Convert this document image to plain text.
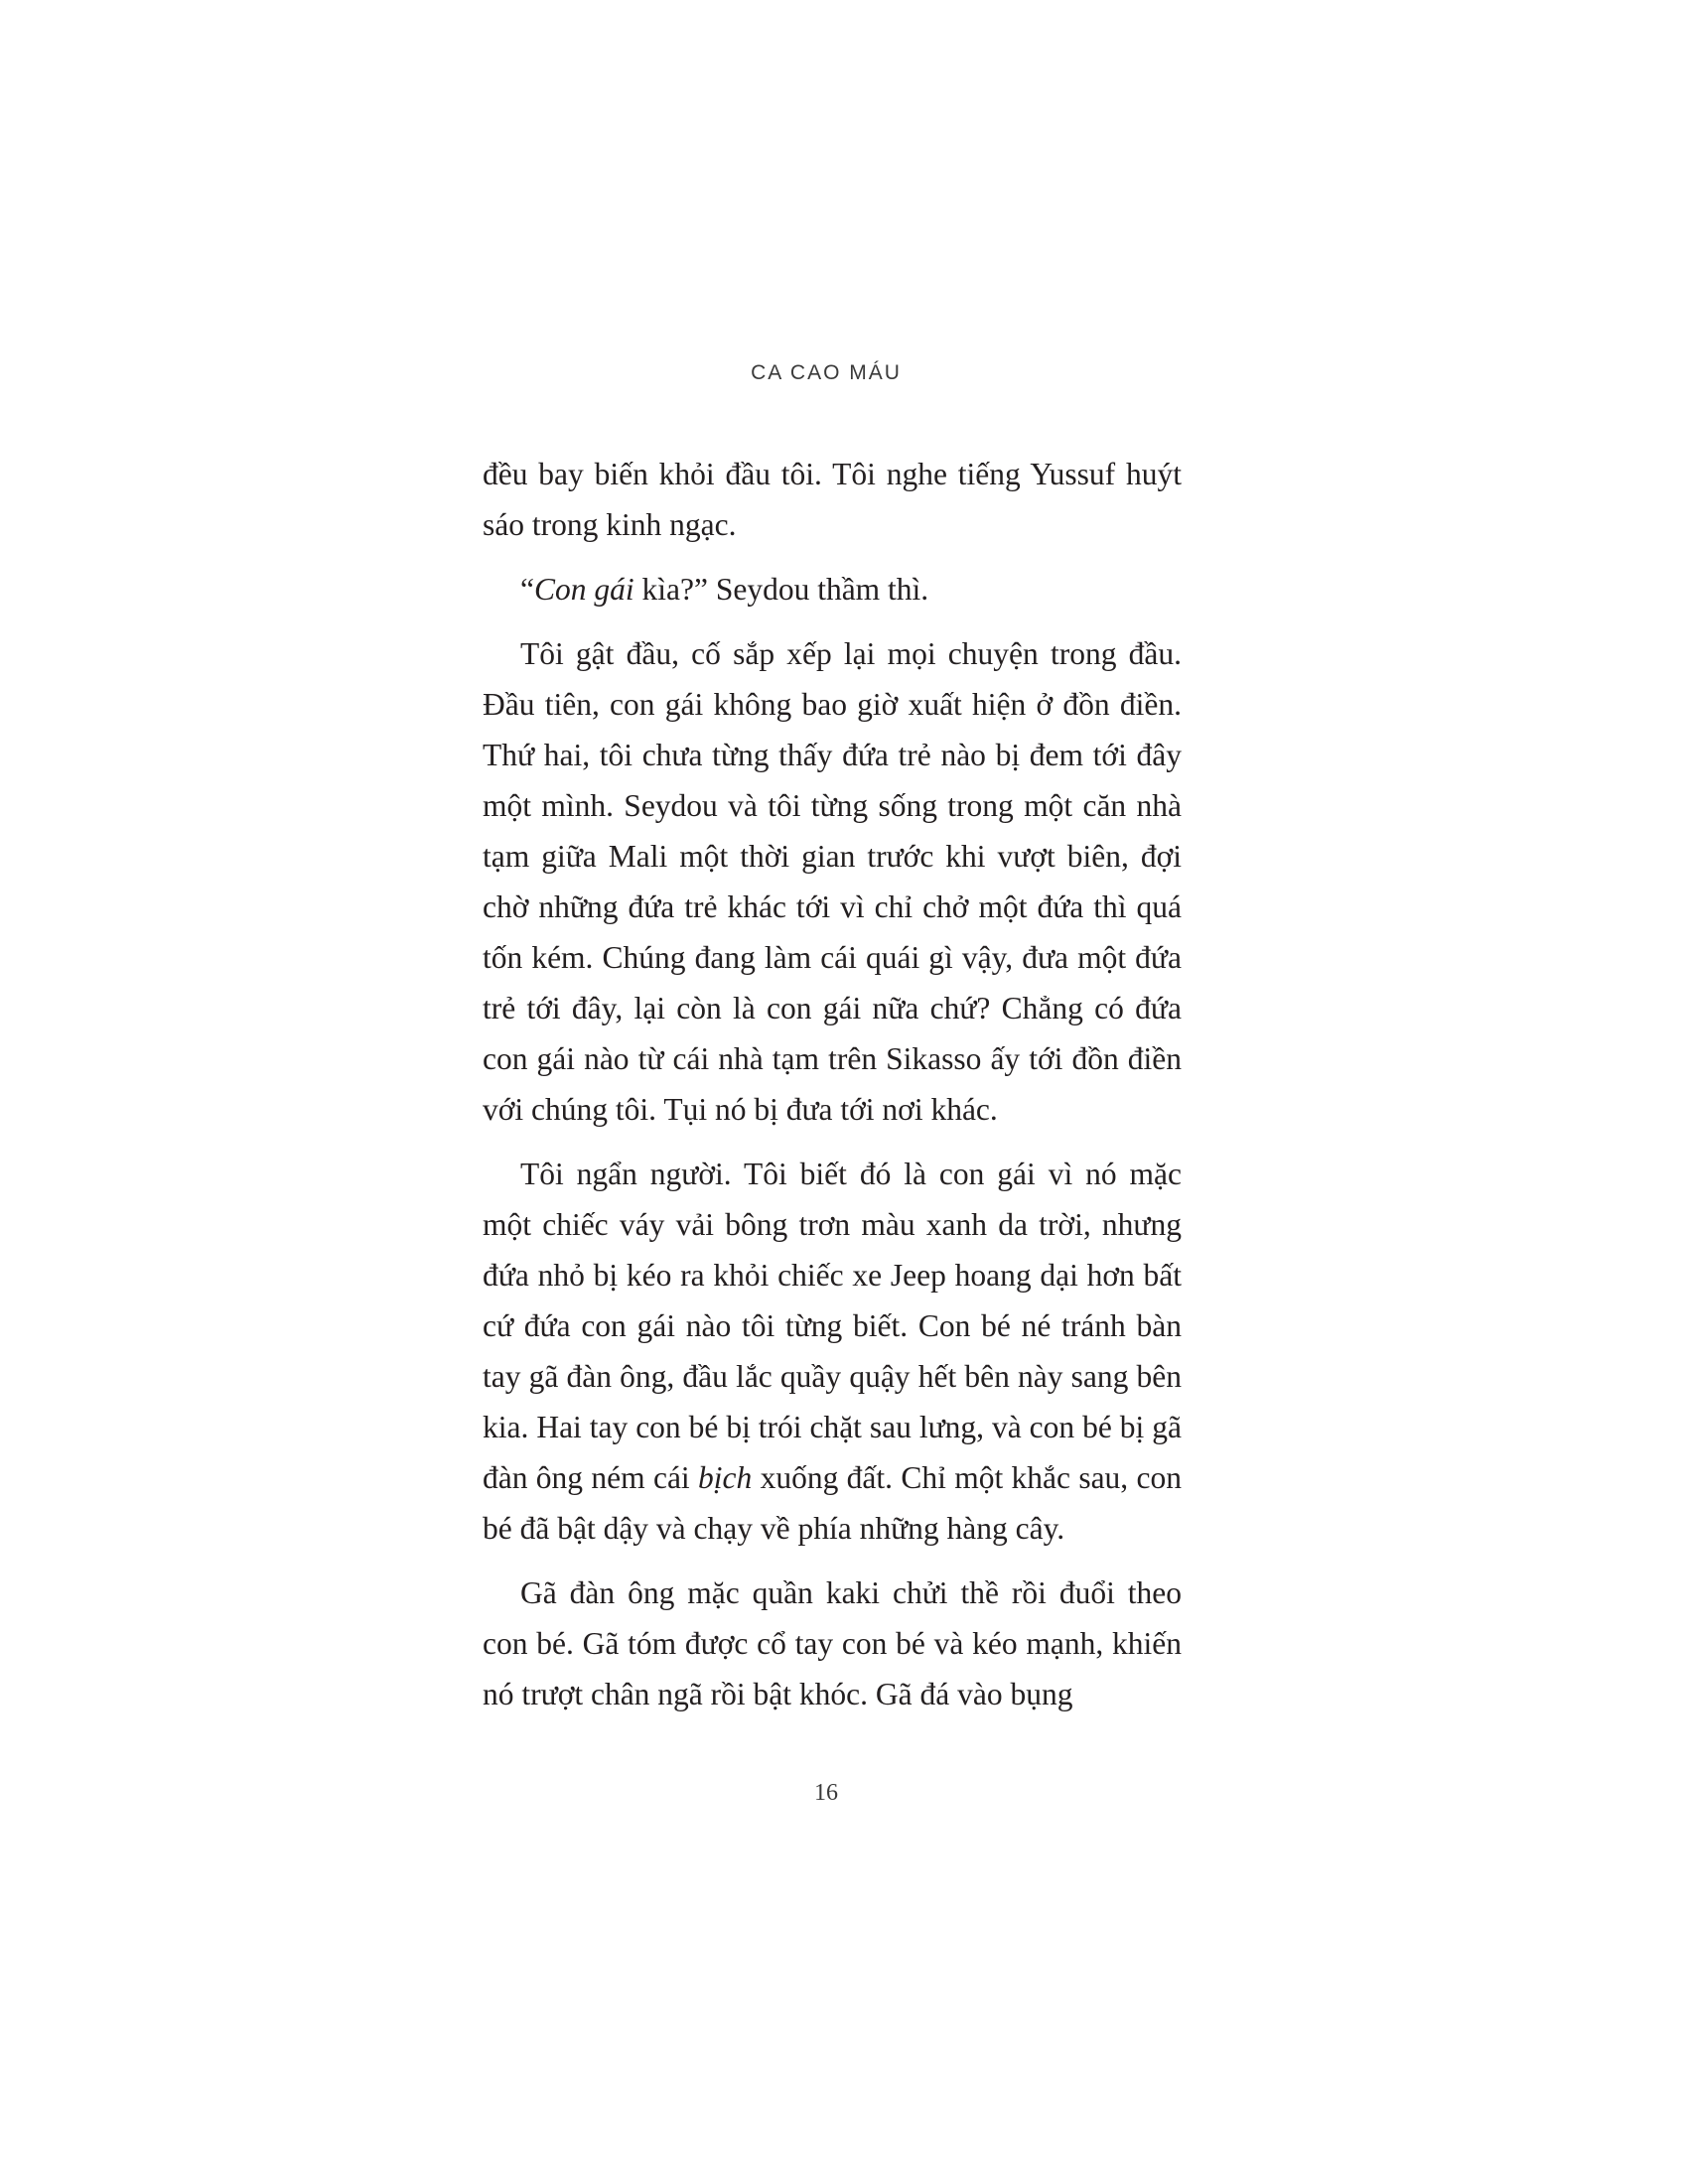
CA CAO MÁU

đều bay biến khỏi đầu tôi. Tôi nghe tiếng Yussuf huýt sáo trong kinh ngạc.

“Con gái kìa?” Seydou thầm thì.

Tôi gật đầu, cố sắp xếp lại mọi chuyện trong đầu. Đầu tiên, con gái không bao giờ xuất hiện ở đồn điền. Thứ hai, tôi chưa từng thấy đứa trẻ nào bị đem tới đây một mình. Seydou và tôi từng sống trong một căn nhà tạm giữa Mali một thời gian trước khi vượt biên, đợi chờ những đứa trẻ khác tới vì chỉ chở một đứa thì quá tốn kém. Chúng đang làm cái quái gì vậy, đưa một đứa trẻ tới đây, lại còn là con gái nữa chứ? Chẳng có đứa con gái nào từ cái nhà tạm trên Sikasso ấy tới đồn điền với chúng tôi. Tụi nó bị đưa tới nơi khác.

Tôi ngẩn người. Tôi biết đó là con gái vì nó mặc một chiếc váy vải bông trơn màu xanh da trời, nhưng đứa nhỏ bị kéo ra khỏi chiếc xe Jeep hoang dại hơn bất cứ đứa con gái nào tôi từng biết. Con bé né tránh bàn tay gã đàn ông, đầu lắc quầy quậy hết bên này sang bên kia. Hai tay con bé bị trói chặt sau lưng, và con bé bị gã đàn ông ném cái bịch xuống đất. Chỉ một khắc sau, con bé đã bật dậy và chạy về phía những hàng cây.

Gã đàn ông mặc quần kaki chửi thề rồi đuổi theo con bé. Gã tóm được cổ tay con bé và kéo mạnh, khiến nó trượt chân ngã rồi bật khóc. Gã đá vào bụng

16
